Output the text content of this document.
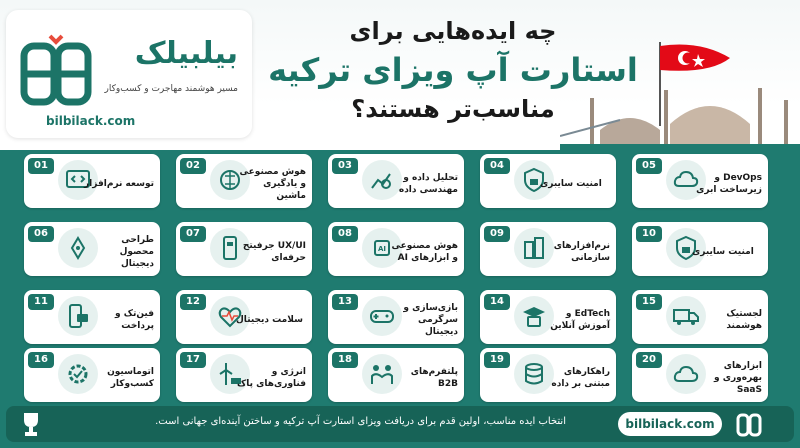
بیلبیلک
مسیر هوشمند مهاجرت و کسب‌وکار
bilbilack.com
چه ایده‌هایی برای
استارت آپ ویزای ترکیه
مناسب‌تر هستند؟
01
توسعه نرم‌افزار
02
هوش مصنوعی و یادگیری ماشین
03
تحلیل داده و مهندسی داده
04
امنیت سایبری
05
DevOps و زیرساخت ابری
06
طراحی محصول دیجیتال
07
UX/UI جرفیتح حرفه‌ای
08
AI هوش مصنوعی و ابزارهای AI
09
نرم‌افزارهای سازمانی
10
امنیت سایبری
11
فین‌تک و پرداخت
12
سلامت دیجیتال
13
بازی‌سازی و سرگرمی دیجیتال
14
EdTech و آموزش آنلاین
15
لجستیک هوشمند
16
اتوماسیون کسب‌وکار
17
انرژی و فناوری‌های پاک
18
پلتفرم‌های B2B
19
راهکارهای مبتنی بر داده
20
ابزارهای بهره‌وری و SaaS
انتخاب ایده مناسب، اولین قدم برای دریافت ویزای استارت آپ ترکیه و ساختن آینده‌ای جهانی است.	bilbilack.com
